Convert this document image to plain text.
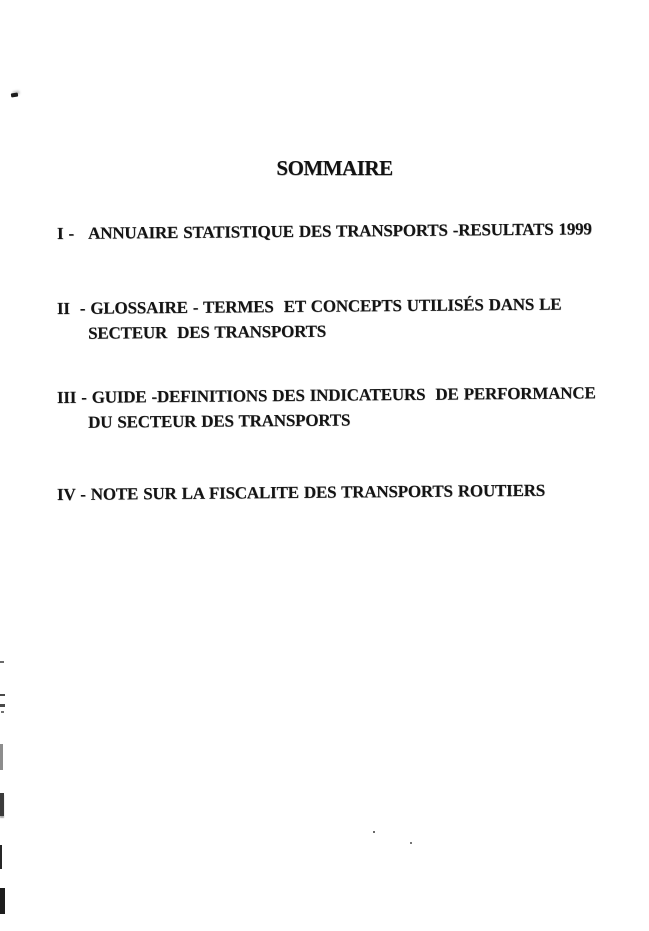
SOMMAIRE
I -   ANNUAIRE STATISTIQUE DES TRANSPORTS -RESULTATS 1999
II  - GLOSSAIRE - TERMES  ET CONCEPTS UTILISÉS DANS LE
SECTEUR  DES TRANSPORTS
III - GUIDE -DEFINITIONS DES INDICATEURS  DE PERFORMANCE
DU SECTEUR DES TRANSPORTS
IV - NOTE SUR LA FISCALITE DES TRANSPORTS ROUTIERS
